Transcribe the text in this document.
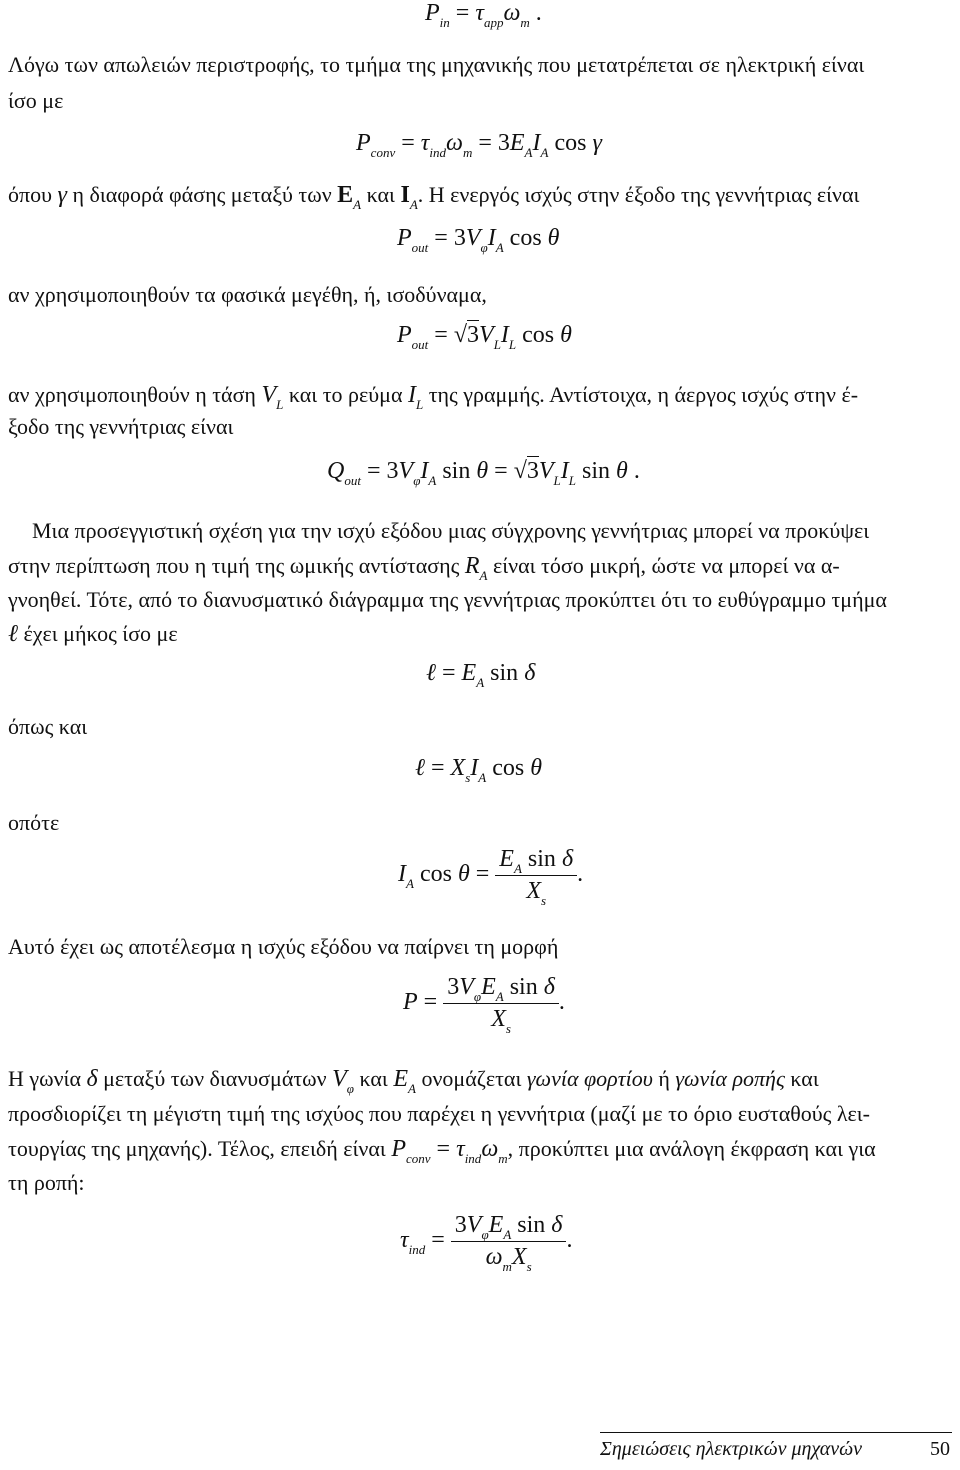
$P_{in} = \tau_{app}\omega_m$ .
Λόγω των απωλειών περιστροφής, το τμήμα της μηχανικής που μετατρέπεται σε ηλεκτρική είναι
ίσο με
$P_{conv} = \tau_{ind}\omega_m = 3E_AI_A$ cos γ
όπου γ η διαφορά φάσης μεταξύ των $E_A$ και $I_A$. Η ενεργός ισχύς στην έξοδο της γεννήτριας είναι
$P_{out} = 3V_\varphi I_A$ cos θ
αν χρησιμοποιηθούν τα φασικά μεγέθη, ή, ισοδύναμα,
$P_{out} = √3V_LI_L$ cos θ
αν χρησιμοποιηθούν η τάση $V_L$ και το ρεύμα $I_L$ της γραμμής. Αντίστοιχα, η άεργος ισχύς στην έ-
ξοδο της γεννήτριας είναι
$Q_{out} = 3V_\varphi I_A$ $\sin \theta = √3V_LI_L$ sin θ .
Μια προσεγγιστική σχέση για την ισχύ εξόδου μιας σύγχρονης γεννήτριας μπορεί να προκύψει
στην περίπτωση που η τιμή της ωμικής αντίστασης $R_A$ είναι τόσο μικρή, ώστε να μπορεί να α-
γνοηθεί. Τότε, από το διανυσματικό διάγραμμα της γεννήτριας προκύπτει ότι το ευθύγραμμο τμήμα
ℓ έχει μήκος ίσο με
ℓ = $E_A$ sin δ
όπως και
ℓ = $X_sI_A$ cos θ
οπότε
$I_A$ $\cos \theta = \frac{E_A \sin \delta}{X_s}$ .
Αυτό έχει ως αποτέλεσμα η ισχύς εξόδου να παίρνει τη μορφή
$P = \frac{3V_\varphi E_A \sin \delta}{X_s}$ .
Η γωνία δ μεταξύ των διανυσμάτων $V_\varphi$ και $E_A$ ονομάζεται γωνία φορτίου ή γωνία ροπής και
προσδιορίζει τη μέγιστη τιμή της ισχύος που παρέχει η γεννήτρια (μαζί με το όριο ευσταθούς λει-
τουργίας της μηχανής). Τέλος, επειδή είναι $P_{conv} = \tau_{ind}\omega_m$, προκύπτει μια ανάλογη έκφραση και για
τη ροπή:
$\tau_{ind} = \frac{3V_\varphi E_A \sin \delta}{\omega_mX_s}$ .
Σημειώσεις ηλεκτρικών μηχανών	50
